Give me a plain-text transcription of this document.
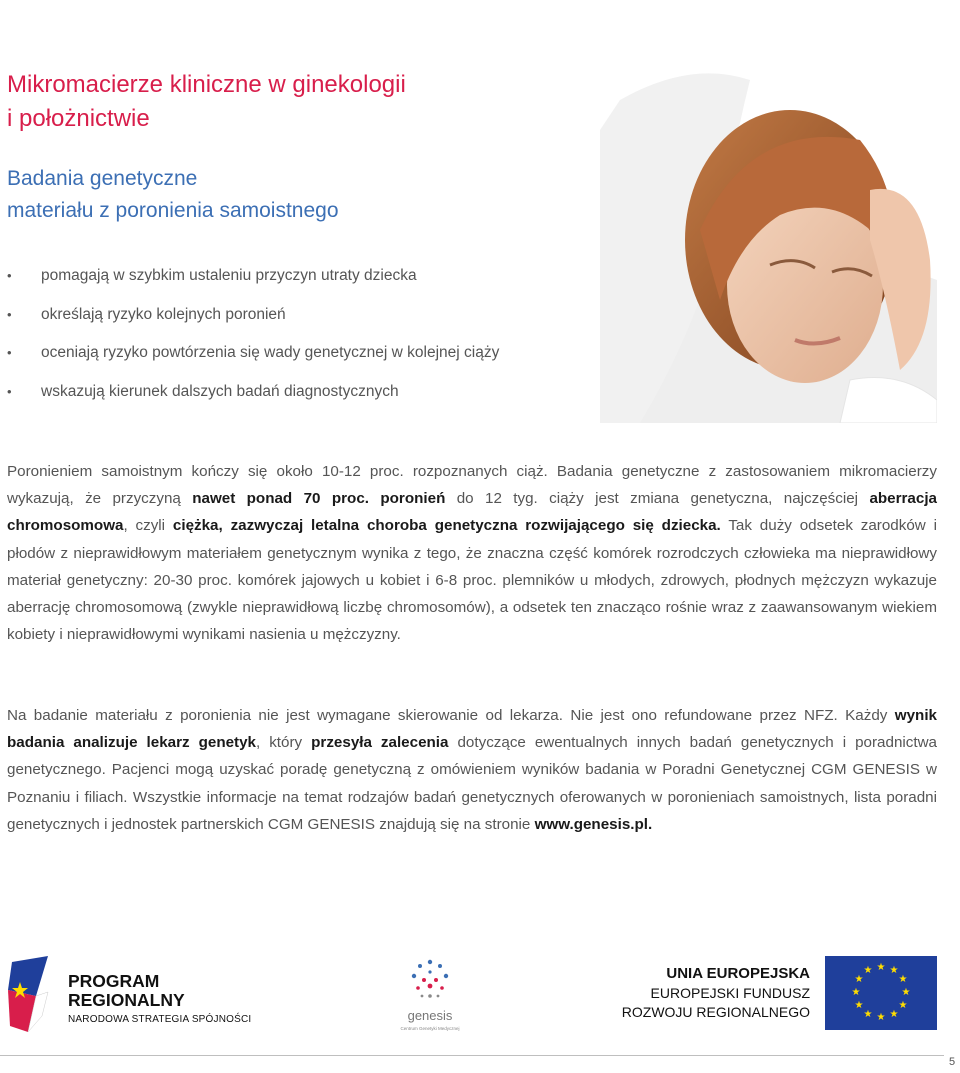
Mikromacierze kliniczne w ginekologii
i położnictwie
Badania genetyczne
materiału z poronienia samoistnego
• pomagają w szybkim ustaleniu przyczyn utraty dziecka
• określają ryzyko kolejnych poronień
• oceniają ryzyko powtórzenia się wady genetycznej w kolejnej ciąży
• wskazują kierunek dalszych badań diagnostycznych

Poronieniem samoistnym kończy się około 10-12 proc. rozpoznanych ciąż. Badania genetyczne z zastosowaniem mikromacierzy wykazują, że przyczyną nawet ponad 70 proc. poronień do 12 tyg. ciąży jest zmiana genetyczna, najczęściej aberracja chromosomowa, czyli ciężka, zazwyczaj letalna choroba genetyczna rozwijającego się dziecka. Tak duży odsetek zarodków i płodów z nieprawidłowym materiałem genetycznym wynika z tego, że znaczna część komórek rozrodczych człowieka ma nieprawidłowy materiał genetyczny: 20-30 proc. komórek jajowych u kobiet i 6-8 proc. plemników u młodych, zdrowych, płodnych mężczyzn wykazuje aberrację chromosomową (zwykle nieprawidłową liczbę chromosomów), a odsetek ten znacząco rośnie wraz z zaawansowanym wiekiem kobiety i nieprawidłowymi wynikami nasienia u mężczyzny.

Na badanie materiału z poronienia nie jest wymagane skierowanie od lekarza. Nie jest ono refundowane przez NFZ. Każdy wynik badania analizuje lekarz genetyk, który przesyła zalecenia dotyczące ewentualnych innych badań genetycznych i poradnictwa genetycznego. Pacjenci mogą uzyskać poradę genetyczną z omówieniem wyników badania w Poradni Genetycznej CGM GENESIS w Poznaniu i filiach. Wszystkie informacje na temat rodzajów badań genetycznych oferowanych w poronieniach samoistnych, lista poradni genetycznych i jednostek partnerskich CGM GENESIS znajdują się na stronie www.genesis.pl.

PROGRAM
REGIONALNY
NARODOWA STRATEGIA SPÓJNOŚCI	genesis
Centrum Genetyki Medycznej
UNIA EUROPEJSKA
EUROPEJSKI FUNDUSZ
ROZWOJU REGIONALNEGO
★ ★
★
★
★
★
★
★
★
★
★
★
5
